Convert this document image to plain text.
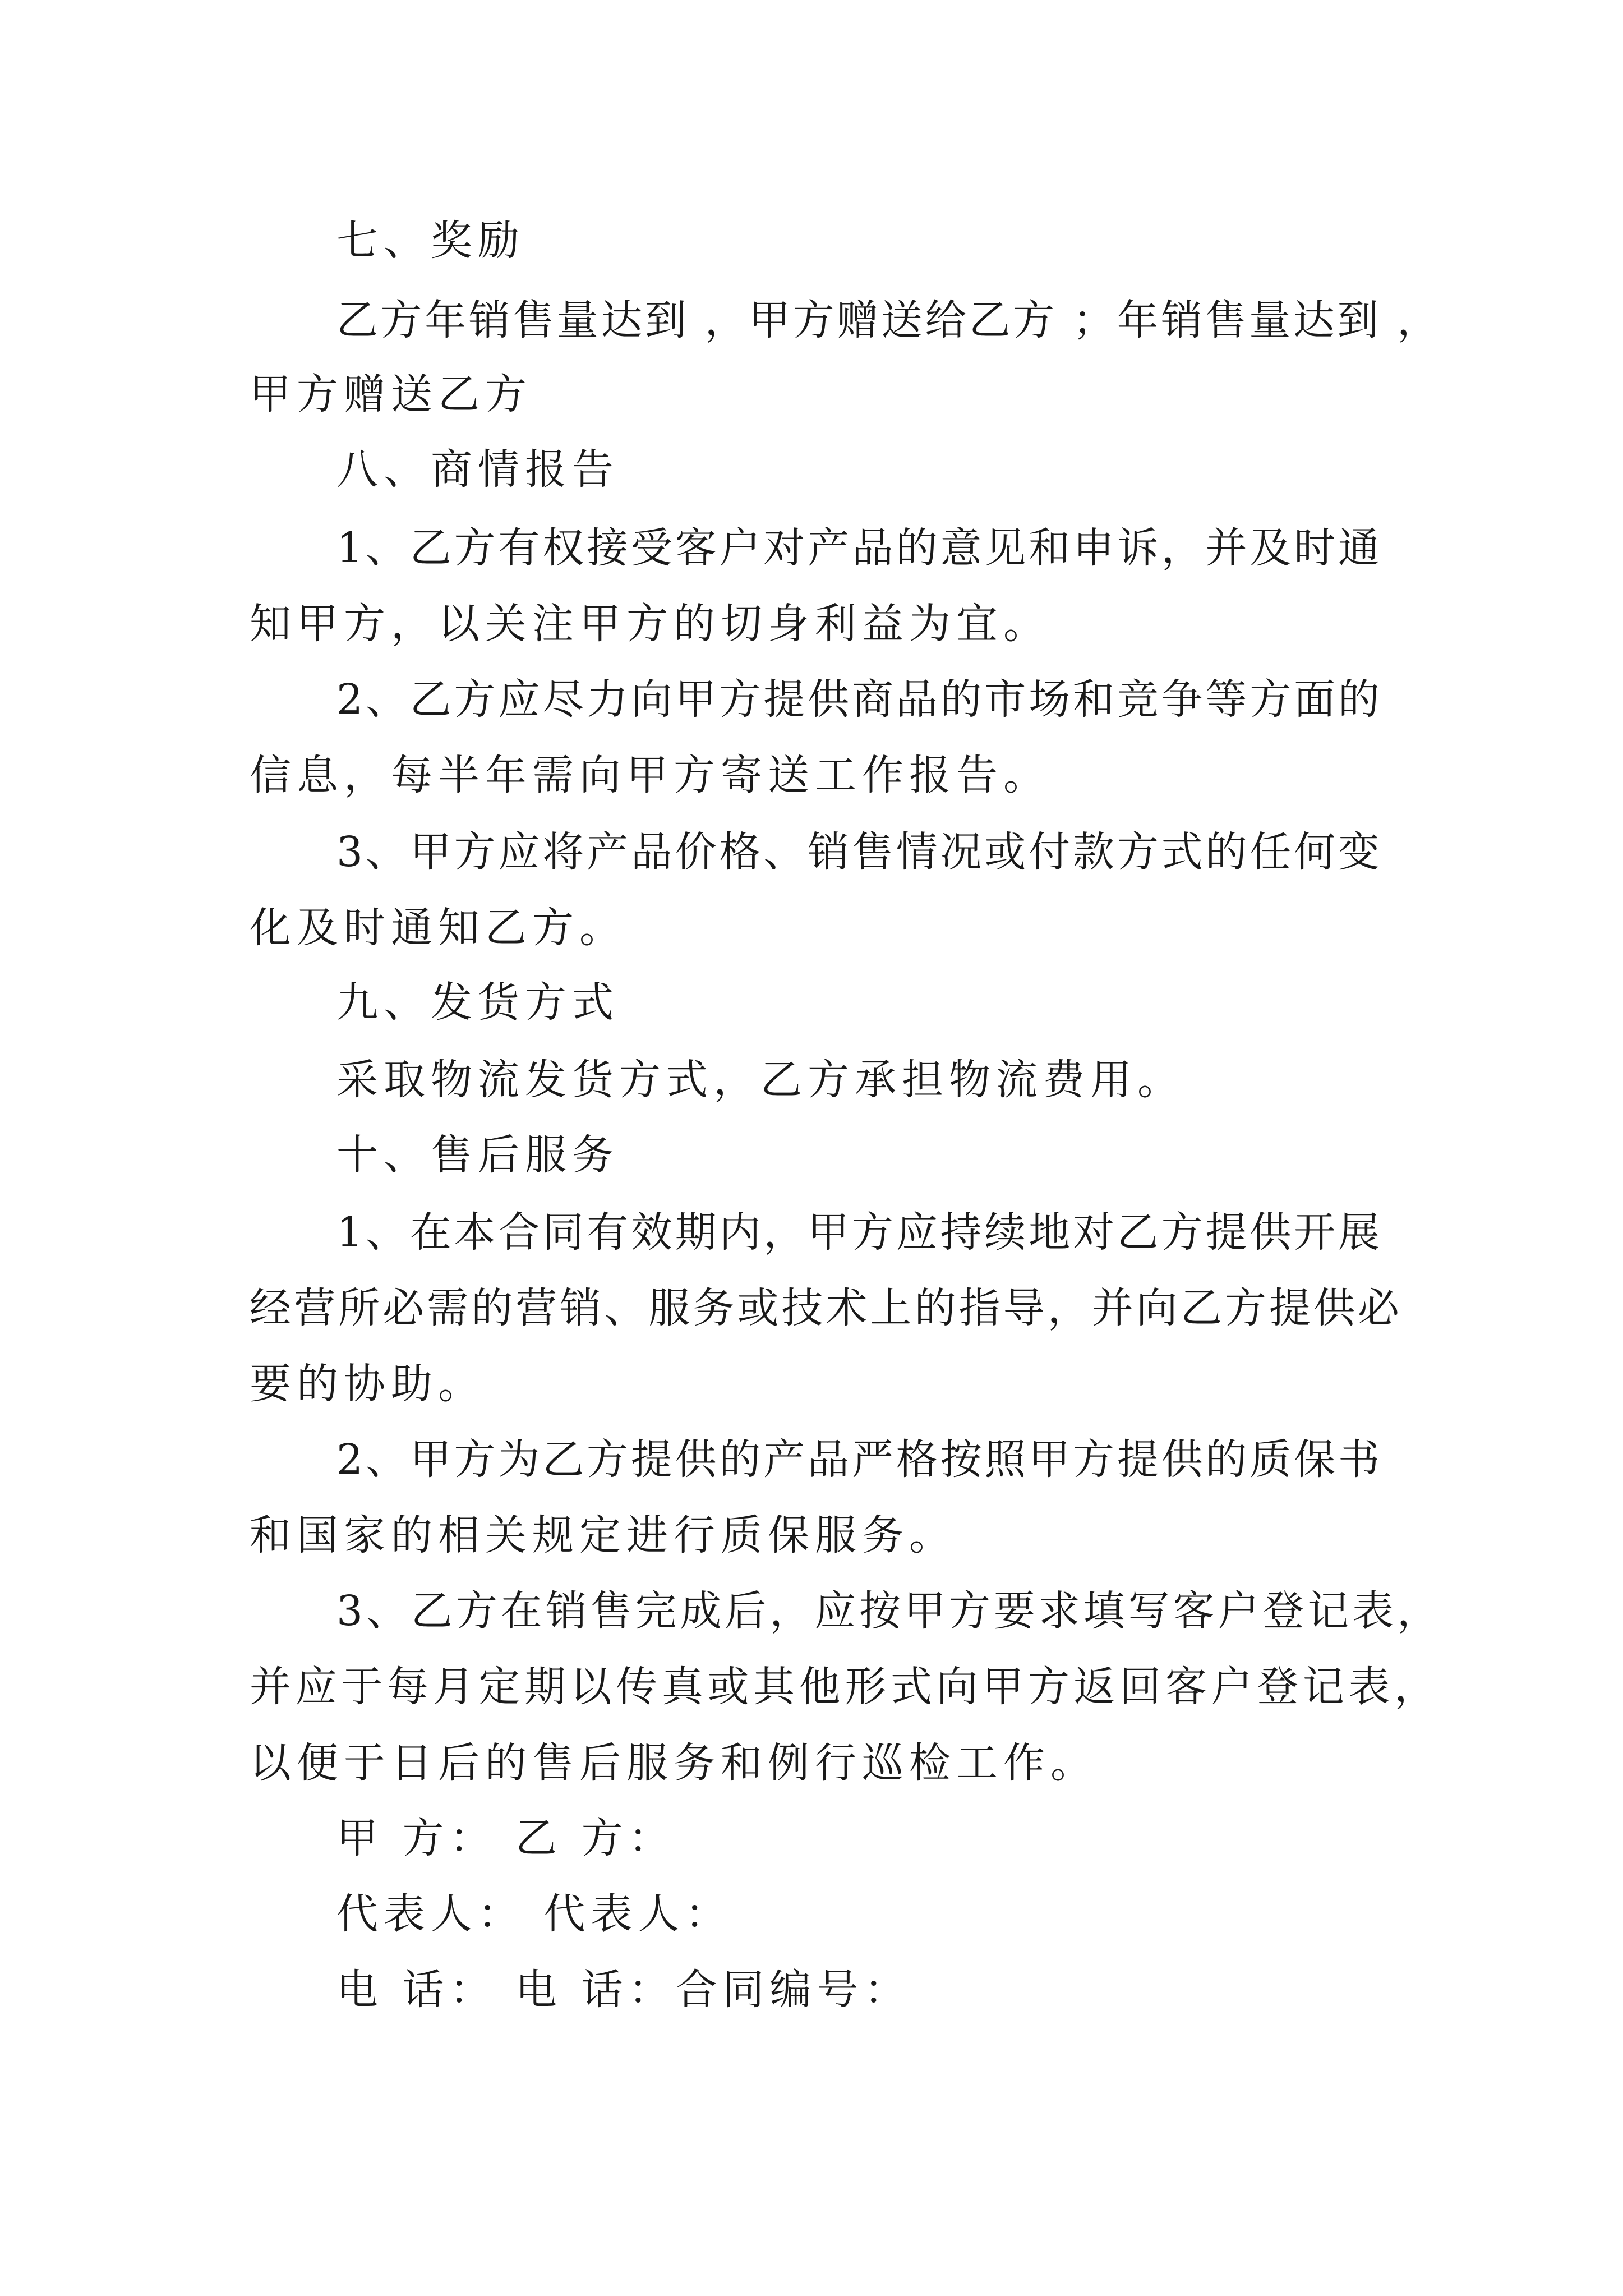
七、奖励
乙方年销售量达到 ，甲方赠送给乙方 ；年销售量达到 ，
甲方赠送乙方
八、商情报告
1、乙方有权接受客户对产品的意见和申诉，并及时通
知甲方，以关注甲方的切身利益为宜。
2、乙方应尽力向甲方提供商品的市场和竞争等方面的
信息，每半年需向甲方寄送工作报告。
3、甲方应将产品价格、销售情况或付款方式的任何变
化及时通知乙方。
九、发货方式
采取物流发货方式，乙方承担物流费用。
十、售后服务
1、在本合同有效期内，甲方应持续地对乙方提供开展
经营所必需的营销、服务或技术上的指导，并向乙方提供必
要的协助。
2、甲方为乙方提供的产品严格按照甲方提供的质保书
和国家的相关规定进行质保服务。
3、乙方在销售完成后，应按甲方要求填写客户登记表，
并应于每月定期以传真或其他形式向甲方返回客户登记表，
以便于日后的售后服务和例行巡检工作。
甲 方： 乙 方：
代表人： 代表人：
电 话： 电 话：合同编号：
